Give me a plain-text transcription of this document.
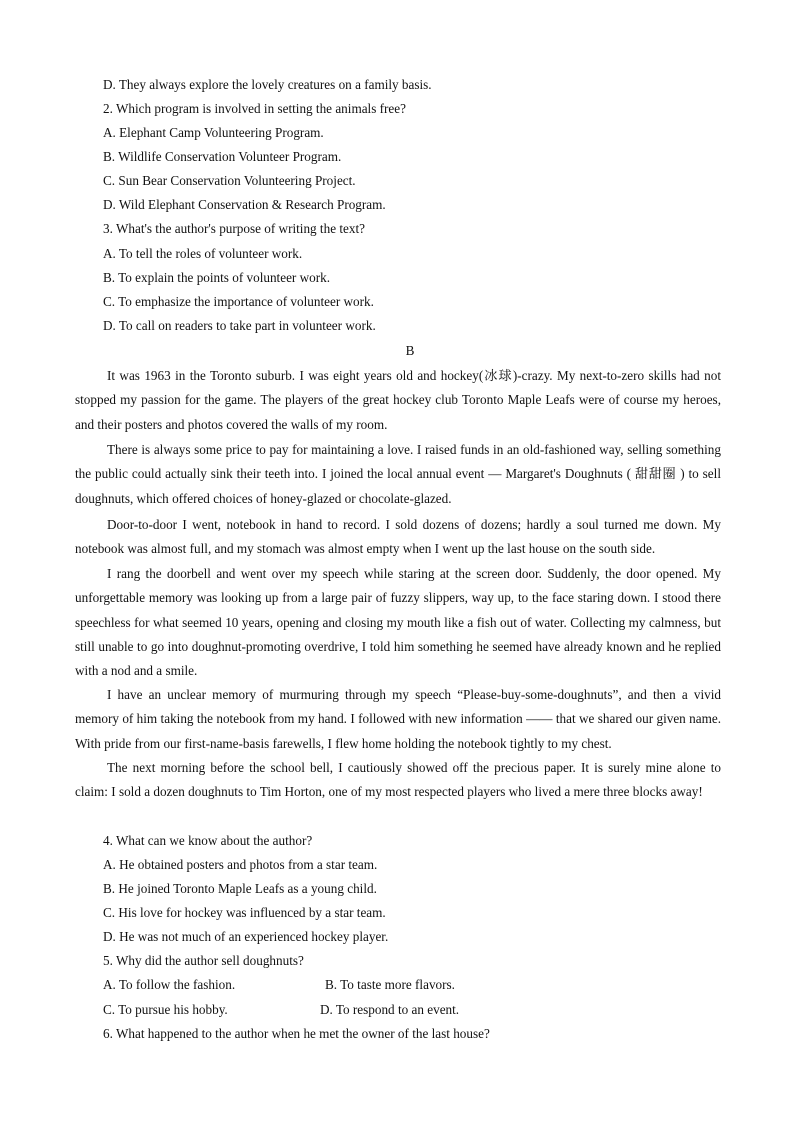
D. They always explore the lovely creatures on a family basis.

2. Which program is involved in setting the animals free?

A. Elephant Camp Volunteering Program.

B. Wildlife Conservation Volunteer Program.

C. Sun Bear Conservation Volunteering Project.

D. Wild Elephant Conservation & Research Program.

3. What's the author's purpose of writing the text?

A. To tell the roles of volunteer work.

B. To explain the points of volunteer work.

C. To emphasize the importance of volunteer work.

D. To call on readers to take part in volunteer work.

B

It was 1963 in the Toronto suburb. I was eight years old and hockey(冰球)-crazy. My next-to-zero skills had not stopped my passion for the game. The players of the great hockey club Toronto Maple Leafs were of course my heroes, and their posters and photos covered the walls of my room.

There is always some price to pay for maintaining a love. I raised funds in an old-fashioned way, selling something the public could actually sink their teeth into. I joined the local annual event — Margaret's Doughnuts ( 甜甜圈 ) to sell doughnuts, which offered choices of honey-glazed or chocolate-glazed.

Door-to-door I went, notebook in hand to record. I sold dozens of dozens; hardly a soul turned me down. My notebook was almost full, and my stomach was almost empty when I went up the last house on the south side.

I rang the doorbell and went over my speech while staring at the screen door. Suddenly, the door opened. My unforgettable memory was looking up from a large pair of fuzzy slippers, way up, to the face staring down. I stood there speechless for what seemed 10 years, opening and closing my mouth like a fish out of water. Collecting my calmness, but still unable to go into doughnut-promoting overdrive, I told him something he seemed have already known and he replied with a nod and a smile.

I have an unclear memory of murmuring through my speech “Please-buy-some-doughnuts”, and then a vivid memory of him taking the notebook from my hand. I followed with new information —— that we shared our given name. With pride from our first-name-basis farewells, I flew home holding the notebook tightly to my chest.

The next morning before the school bell, I cautiously showed off the precious paper. It is surely mine alone to claim: I sold a dozen doughnuts to Tim Horton, one of my most respected players who lived a mere three blocks away!

4. What can we know about the author?

A. He obtained posters and photos from a star team.

B. He joined Toronto Maple Leafs as a young child.

C. His love for hockey was influenced by a star team.

D. He was not much of an experienced hockey player.

5. Why did the author sell doughnuts?

A. To follow the fashion.	B. To taste more flavors.

C. To pursue his hobby.	D. To respond to an event.

6. What happened to the author when he met the owner of the last house?
